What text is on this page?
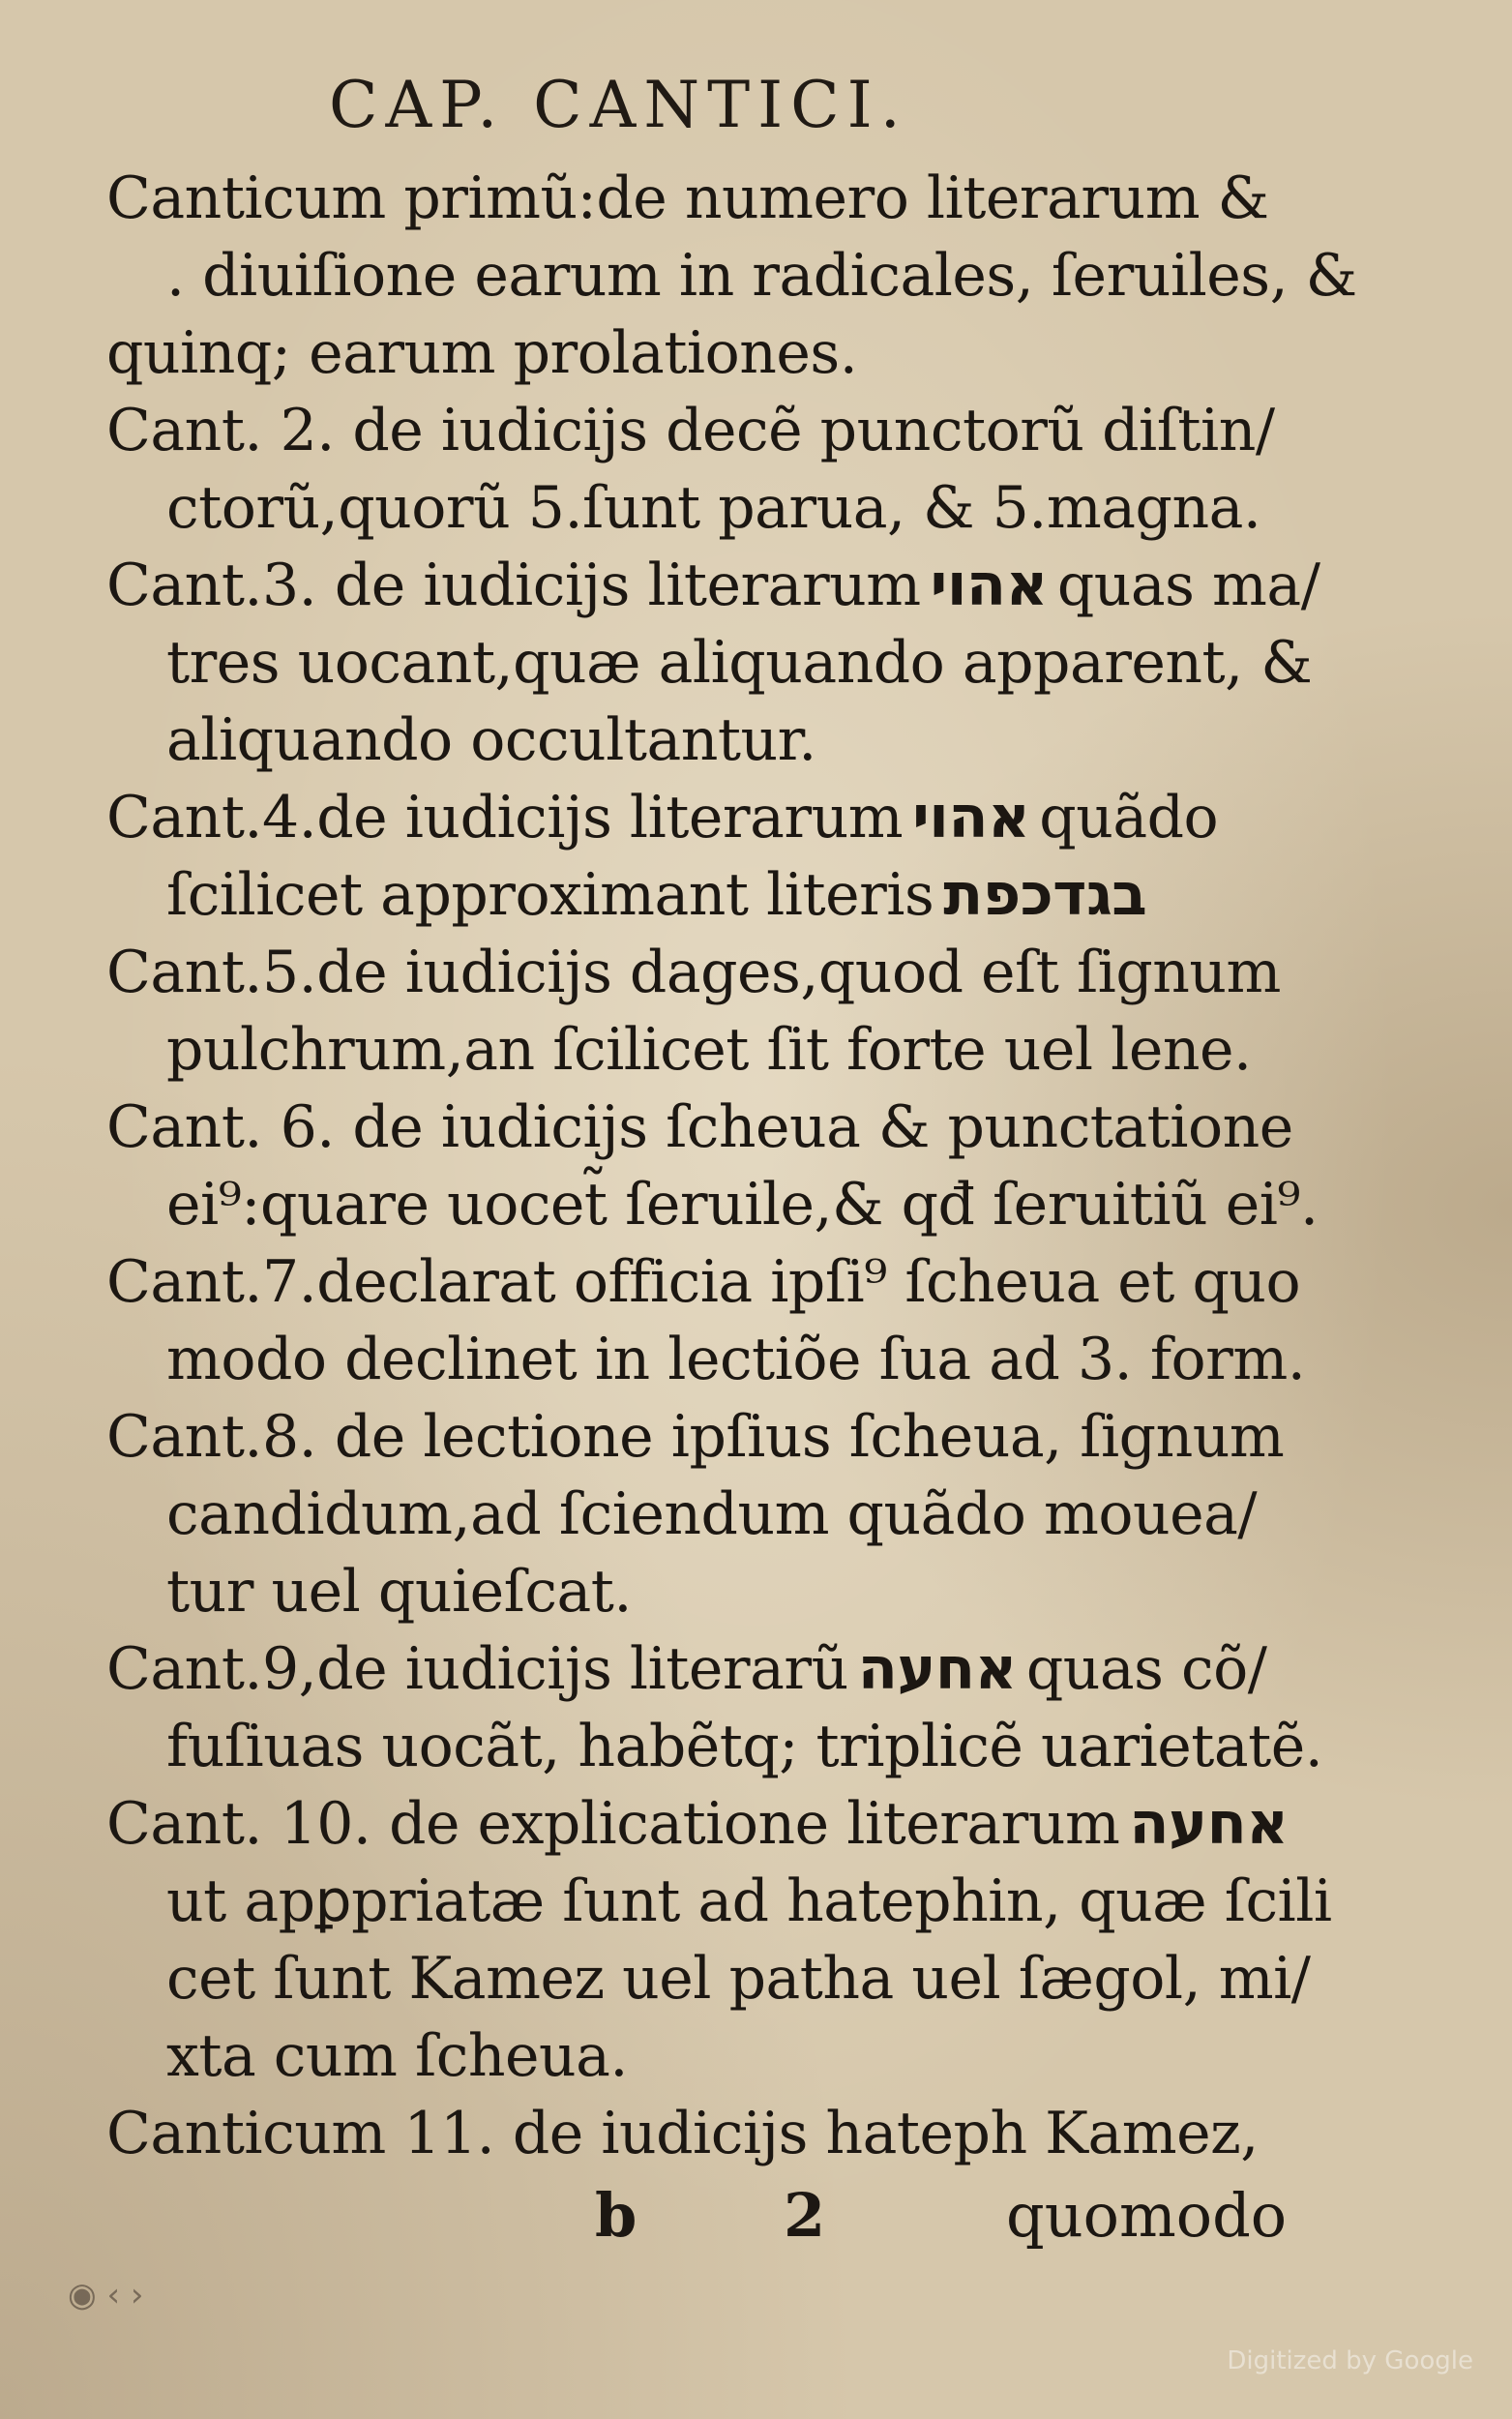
CAP. CANTICI.
Canticum primũ:de numero literarum &
. diuiſione earum in radicales, ſeruiles, &
quinq; earum prolationes.
Cant. 2. de iudicijs decẽ punctorũ diſtin/
ctorũ,quorũ 5.ſunt parua, & 5.magna.
Cant.3. de iudicijs literarum אהוי quas ma/
tres uocant,quæ aliquando apparent, &
aliquando occultantur.
Cant.4.de iudicijs literarum אהוי quãdo
ſcilicet approximant literis בגדכפת
Cant.5.de iudicijs dages,quod eſt ſignum
pulchrum,an ſcilicet ſit forte uel lene.
Cant. 6. de iudicijs ſcheua & punctatione
ei⁹:quare uocet̃ ſeruile,& qđ ſeruitiũ ei⁹.
Cant.7.declarat officia ipſi⁹ ſcheua et quo
modo declinet in lectiõe ſua ad 3. form.
Cant.8. de lectione ipſius ſcheua, ſignum
candidum,ad ſciendum quãdo mouea/
tur uel quieſcat.
Cant.9,de iudicijs literarũ אחעה quas cõ/
fuſiuas uocãt, habẽtq; triplicẽ uarietatẽ.
Cant. 10. de explicatione literarum אחעה
ut apꝑpriatæ ſunt ad hatephin, quæ ſcili
cet ſunt Kamez uel patha uel ſægol, mi/
xta cum ſcheua.
Canticum 11. de iudicijs hateph Kamez,
b 2	quomodo
◉ ‹ ›
Digitized by Google
